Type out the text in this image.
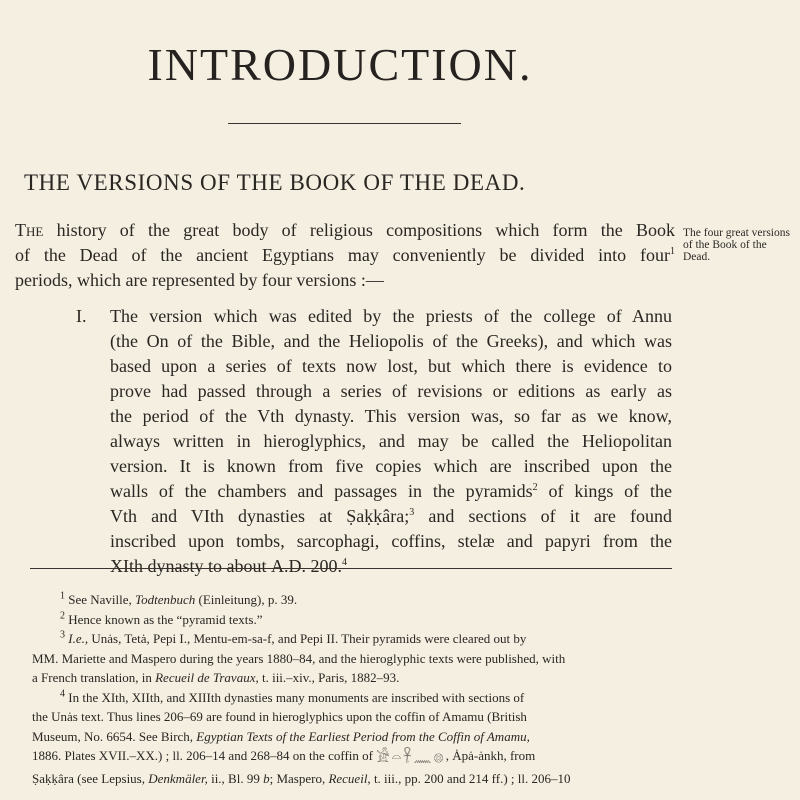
INTRODUCTION.
THE VERSIONS OF THE BOOK OF THE DEAD.
The history of the great body of religious compositions which form the Book
of the Dead of the ancient Egyptians may conveniently be divided into four$^1$
periods, which are represented by four versions :—
The four great versions of the Book of the Dead.
I. The version which was edited by the priests of the college of Annu
(the On of the Bible, and the Heliopolis of the Greeks), and which was
based upon a series of texts now lost, but which there is evidence to
prove had passed through a series of revisions or editions as early as
the period of the Vth dynasty. This version was, so far as we know,
always written in hieroglyphics, and may be called the Heliopolitan
version. It is known from five copies which are inscribed upon the
walls of the chambers and passages in the pyramids$^2$ of kings of the
Vth and VIth dynasties at Ṣaḳḳâra;$^3$ and sections of it are found
inscribed upon tombs, sarcophagi, coffins, stelæ and papyri from the
XIth dynasty to about A.D. 200.$^4$
$^1$ See Naville, Todtenbuch (Einleitung), p. 39.
$^2$ Hence known as the “pyramid texts.”
$^3$ I.e., Unȧs, Tetȧ, Pepi I., Mentu-em-sa-f, and Pepi II. Their pyramids were cleared out by
MM. Mariette and Maspero during the years 1880–84, and the hieroglyphic texts were published, with
a French translation, in Recueil de Travaux, t. iii.–xiv., Paris, 1882–93.
$^4$ In the XIth, XIIth, and XIIIth dynasties many monuments are inscribed with sections of
the Unȧs text. Thus lines 206–69 are found in hieroglyphics upon the coffin of Amamu (British
Museum, No. 6654. See Birch, Egyptian Texts of the Earliest Period from the Coffin of Amamu,
1886. Plates XVII.–XX.) ; ll. 206–14 and 268–84 on the coffin of 𓀀𓏏𓋹𓈖𓊖, Ȧpȧ-ȧnkh, from
Ṣaḳḳâra (see Lepsius, Denkmäler, ii., Bl. 99 b; Maspero, Recueil, t. iii., pp. 200 and 214 ff.) ; ll. 206–10
